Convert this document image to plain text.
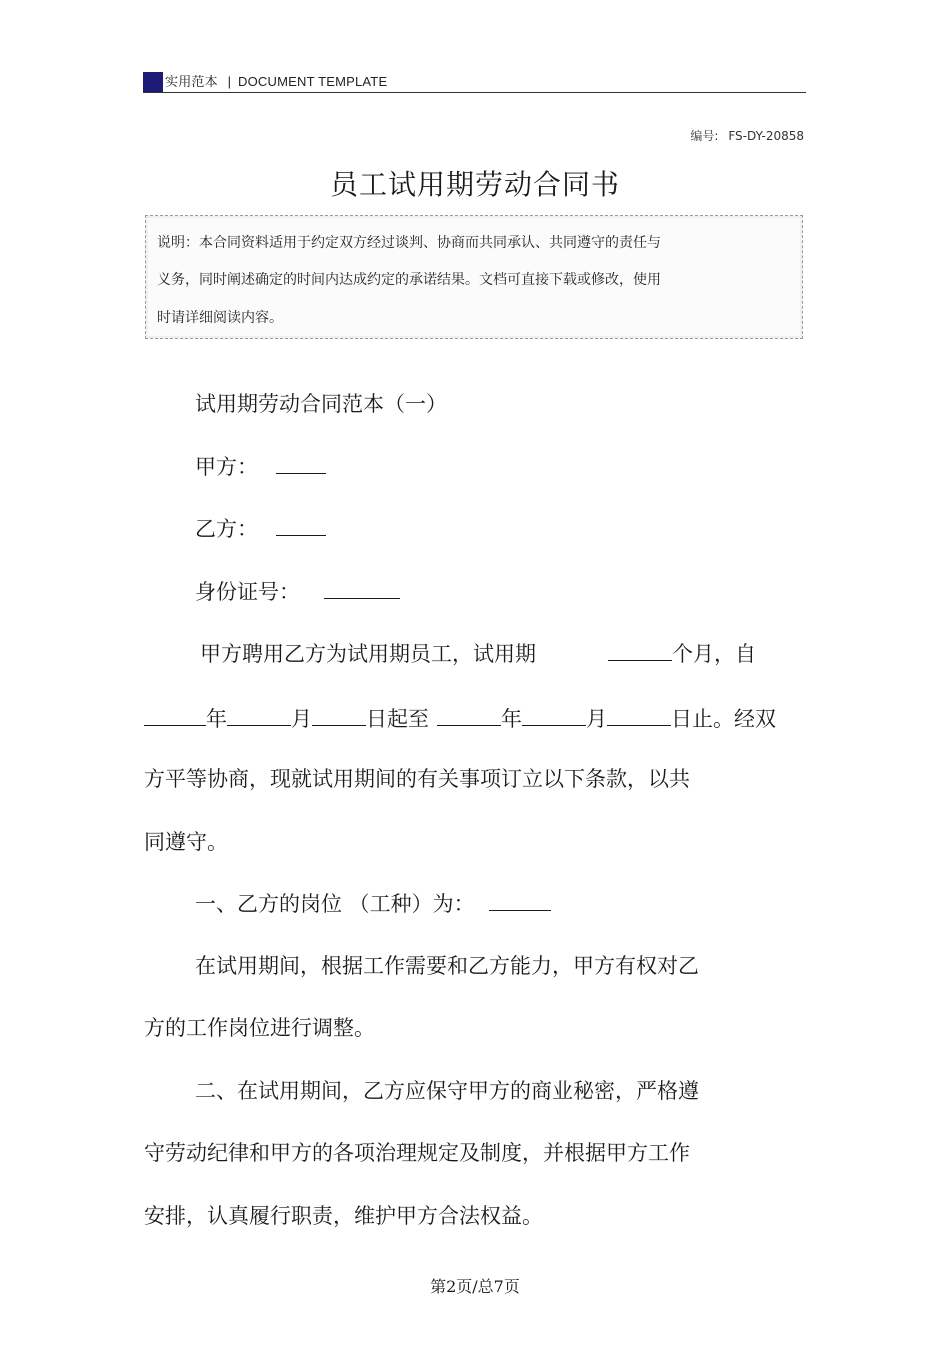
实用范本 | DOCUMENT TEMPLATE
编号: FS-DY-20858
员工试用期劳动合同书
说明：本合同资料适用于约定双方经过谈判、协商而共同承认、共同遵守的责任与
义务，同时阐述确定的时间内达成约定的承诺结果。文档可直接下载或修改，使用
时请详细阅读内容。
试用期劳动合同范本（一）
甲方：
乙方：
身份证号：
甲方聘用乙方为试用期员工，试用期	个月，自
年	月	日起至	年	月	日止。经双
方平等协商，现就试用期间的有关事项订立以下条款，以共
同遵守。
一、乙方的岗位 （工种）为：
在试用期间，根据工作需要和乙方能力，甲方有权对乙
方的工作岗位进行调整。
二、在试用期间，乙方应保守甲方的商业秘密，严格遵
守劳动纪律和甲方的各项治理规定及制度，并根据甲方工作
安排，认真履行职责，维护甲方合法权益。
第2页/总7页
